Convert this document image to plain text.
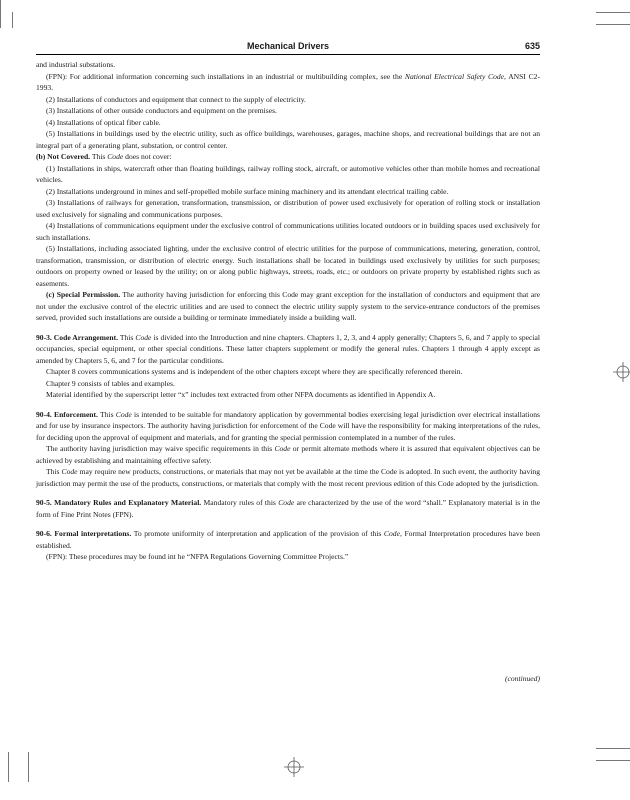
Mechanical Drivers	635

and industrial substations.

(FPN): For additional information concerning such installations in an industrial or multibuilding complex, see the National Electrical Safety Code, ANSI C2-1993.

(2) Installations of conductors and equipment that connect to the supply of electricity.

(3) Installations of other outside conductors and equipment on the premises.

(4) Installations of optical fiber cable.

(5) Installations in buildings used by the electric utility, such as office buildings, warehouses, garages, machine shops, and recreational buildings that are not an integral part of a generating plant, substation, or control center.

(b) Not Covered. This Code does not cover:

(1) Installations in ships, watercraft other than floating buildings, railway rolling stock, aircraft, or automotive vehicles other than mobile homes and recreational vehicles.

(2) Installations underground in mines and self-propelled mobile surface mining machinery and its attendant electrical trailing cable.

(3) Installations of railways for generation, transformation, transmission, or distribution of power used exclusively for operation of rolling stock or installation used exclusively for signaling and communications purposes.

(4) Installations of communications equipment under the exclusive control of communications utilities located outdoors or in building spaces used exclusively for such installations.

(5) Installations, including associated lighting, under the exclusive control of electric utilities for the purpose of communications, metering, generation, control, transformation, transmission, or distribution of electric energy. Such installations shall be located in buildings used exclusively by utilities for such purposes; outdoors on property owned or leased by the utility; on or along public highways, streets, roads, etc.; or outdoors on private property by established rights such as easements.

(c) Special Permission. The authority having jurisdiction for enforcing this Code may grant exception for the installation of conductors and equipment that are not under the exclusive control of the electric utilities and are used to connect the electric utility supply system to the service-entrance conductors of the premises served, provided such installations are outside a building or terminate immediately inside a building wall.

90-3. Code Arrangement. This Code is divided into the Introduction and nine chapters. Chapters 1, 2, 3, and 4 apply generally; Chapters 5, 6, and 7 apply to special occupancies, special equipment, or other special conditions. These latter chapters supplement or modify the general rules. Chapters 1 through 4 apply except as amended by Chapters 5, 6, and 7 for the particular conditions.

Chapter 8 covers communications systems and is independent of the other chapters except where they are specifically referenced therein.

Chapter 9 consists of tables and examples.

Material identified by the superscript letter “x” includes text extracted from other NFPA documents as identified in Appendix A.

90-4. Enforcement. This Code is intended to be suitable for mandatory application by governmental bodies exercising legal jurisdiction over electrical installations and for use by insurance inspectors. The authority having jurisdiction for enforcement of the Code will have the responsibility for making interpretations of the rules, for deciding upon the approval of equipment and materials, and for granting the special permission contemplated in a number of the rules.

The authority having jurisdiction may waive specific requirements in this Code or permit alternate methods where it is assured that equivalent objectives can be achieved by establishing and maintaining effective safety.

This Code may require new products, constructions, or materials that may not yet be available at the time the Code is adopted. In such event, the authority having jurisdiction may permit the use of the products, constructions, or materials that comply with the most recent previous edition of this Code adopted by the jurisdiction.

90-5. Mandatory Rules and Explanatory Material. Mandatory rules of this Code are characterized by the use of the word “shall.” Explanatory material is in the form of Fine Print Notes (FPN).

90-6. Formal interpretations. To promote uniformity of interpretation and application of the provision of this Code, Formal Interpretation procedures have been established.

(FPN): These procedures may be found int he “NFPA Regulations Governing Committee Projects.”

(continued)
